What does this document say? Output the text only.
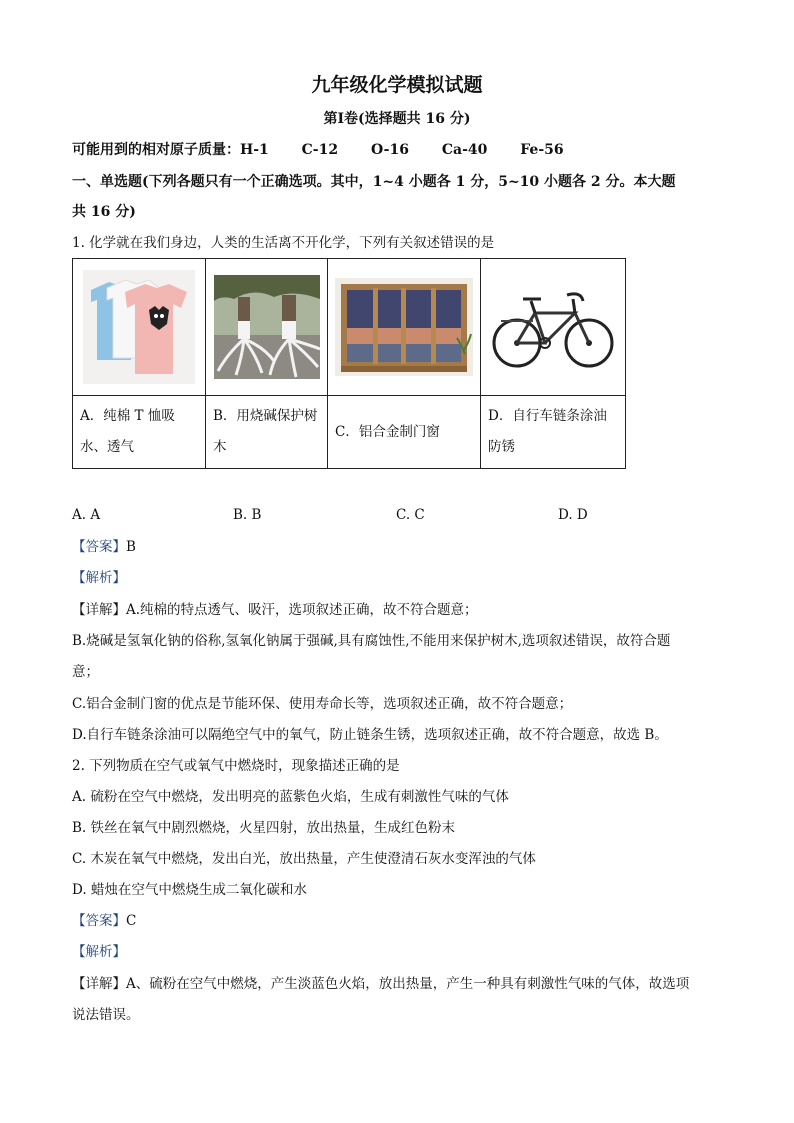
九年级化学模拟试题
第Ⅰ卷(选择题共 16 分)
可能用到的相对原子质量：H-1 C-12 O-16 Ca-40 Fe-56
一、单选题(下列各题只有一个正确选项。其中，1~4 小题各 1 分，5~10 小题各 2 分。本大题
共 16 分)
1. 化学就在我们身边，人类的生活离不开化学，下列有关叙述错误的是

A．纯棉 T 恤吸
水、透气	B．用烧碱保护树
木	C．铝合金制门窗	D．自行车链条涂油
防锈
A. A	B. B	C. C	D. D
【答案】B
【解析】
【详解】A.纯棉的特点透气、吸汗，选项叙述正确，故不符合题意；
B.烧碱是氢氧化钠的俗称,氢氧化钠属于强碱,具有腐蚀性,不能用来保护树木,选项叙述错误，故符合题
意；
C.铝合金制门窗的优点是节能环保、使用寿命长等，选项叙述正确，故不符合题意；
D.自行车链条涂油可以隔绝空气中的氧气，防止链条生锈，选项叙述正确，故不符合题意，故选 B。
2. 下列物质在空气或氧气中燃烧时，现象描述正确的是
A. 硫粉在空气中燃烧，发出明亮的蓝紫色火焰，生成有刺激性气味的气体
B. 铁丝在氧气中剧烈燃烧，火星四射，放出热量，生成红色粉末
C. 木炭在氧气中燃烧，发出白光，放出热量，产生使澄清石灰水变浑浊的气体
D. 蜡烛在空气中燃烧生成二氧化碳和水
【答案】C
【解析】
【详解】A、硫粉在空气中燃烧，产生淡蓝色火焰，放出热量，产生一种具有刺激性气味的气体，故选项
说法错误。
